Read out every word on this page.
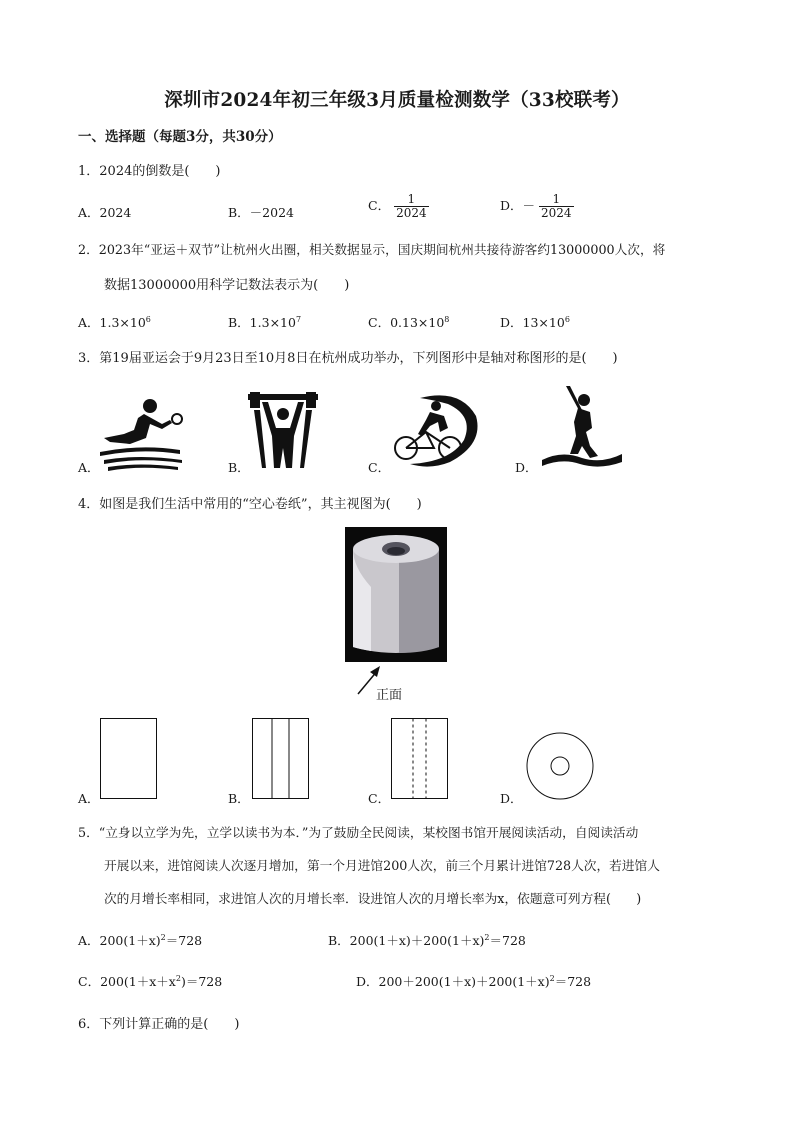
深圳市2024年初三年级3月质量检测数学（33校联考）
一、选择题（每题3分，共30分）
1．2024的倒数是(　　)
A．2024	B．－2024	C． $\frac{1}{2024}$	D．－ $\frac{1}{2024}$
2．2023年“亚运＋双节”让杭州火出圈，相关数据显示，国庆期间杭州共接待游客约13000000人次，将
数据13000000用科学记数法表示为(　　)
A．$1.3\times 10^6$	B．$1.3\times 10^7$	C．$0.13\times 10^8$	D．$13\times 10^6$
3．第19届亚运会于9月23日至10月8日在杭州成功举办，下列图形中是轴对称图形的是(　　)
A．	B．	C．	D．
4．如图是我们生活中常用的“空心卷纸”，其主视图为(　　)
正面
A．	B．	C．	D．
5．“立身以立学为先，立学以读书为本．”为了鼓励全民阅读，某校图书馆开展阅读活动，自阅读活动
开展以来，进馆阅读人次逐月增加，第一个月进馆200人次，前三个月累计进馆728人次，若进馆人
次的月增长率相同，求进馆人次的月增长率．设进馆人次的月增长率为x，依题意可列方程(　　)
A．$200(1+x)^2=728$	B．$200(1+x)+200(1+x)^2=728$
C．$200(1+x+x^2)=728$	D．$200+200(1+x)+200(1+x)^2=728$
6．下列计算正确的是(　　)
